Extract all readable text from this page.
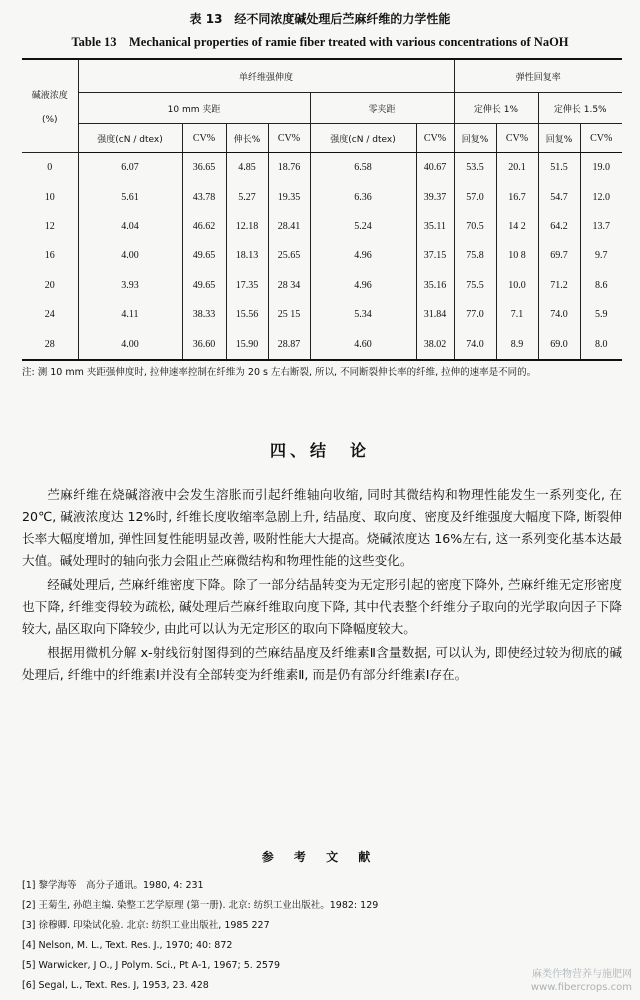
表 13　经不同浓度碱处理后苎麻纤维的力学性能
Table 13　Mechanical properties of ramie fiber treated with various concentrations of NaOH
碱液浓度
(%)	单纤维强伸度						弹性回复率			
	10 mm 夹距				零夹距		定伸长 1%		定伸长 1.5%	
	强度(cN / dtex)	CV%	伸长%	CV%	强度(cN / dtex)	CV%	回复%	CV%	回复%	CV%
0	6.07	36.65	4.85	18.76	6.58	40.67	53.5	20.1	51.5	19.0
10	5.61	43.78	5.27	19.35	6.36	39.37	57.0	16.7	54.7	12.0
12	4.04	46.62	12.18	28.41	5.24	35.11	70.5	14 2	64.2	13.7
16	4.00	49.65	18.13	25.65	4.96	37.15	75.8	10 8	69.7	9.7
20	3.93	49.65	17.35	28 34	4.96	35.16	75.5	10.0	71.2	8.6
24	4.11	38.33	15.56	25 15	5.34	31.84	77.0	7.1	74.0	5.9
28	4.00	36.60	15.90	28.87	4.60	38.02	74.0	8.9	69.0	8.0
注: 测 10 mm 夹距强伸度时, 拉伸速率控制在纤维为 20 s 左右断裂, 所以, 不同断裂伸长率的纤维, 拉伸的速率是不同的。
四、结　论

苎麻纤维在烧碱溶液中会发生溶胀而引起纤维轴向收缩, 同时其微结构和物理性能发生一系列变化, 在 20℃, 碱液浓度达 12%时, 纤维长度收缩率急剧上升, 结晶度、取向度、密度及纤维强度大幅度下降, 断裂伸长率大幅度增加, 弹性回复性能明显改善, 吸附性能大大提高。烧碱浓度达 16%左右, 这一系列变化基本达最大值。碱处理时的轴向张力会阻止苎麻微结构和物理性能的这些变化。

经碱处理后, 苎麻纤维密度下降。除了一部分结晶转变为无定形引起的密度下降外, 苎麻纤维无定形密度也下降, 纤维变得较为疏松, 碱处理后苎麻纤维取向度下降, 其中代表整个纤维分子取向的光学取向因子下降较大, 晶区取向下降较少, 由此可以认为无定形区的取向下降幅度较大。

根据用微机分解 x-射线衍射图得到的苎麻结晶度及纤维素Ⅱ含量数据, 可以认为, 即使经过较为彻底的碱处理后, 纤维中的纤维素Ⅰ并没有全部转变为纤维素Ⅱ, 而是仍有部分纤维素Ⅰ存在。

参 考 文 献
[1] 黎学海等　高分子通讯。1980, 4: 231
[2] 王菊生, 孙皑主编. 染整工艺学原理 (第一册). 北京: 纺织工业出版社。1982: 129
[3] 徐穆卿. 印染试化验. 北京: 纺织工业出版社, 1985 227
[4] Nelson, M. L., Text. Res. J., 1970; 40: 872
[5] Warwicker, J O., J Polym. Sci., Pt A-1, 1967; 5. 2579
[6] Segal, L., Text. Res. J, 1953, 23. 428
麻类作物营养与施肥网
www.fibercrops.com
